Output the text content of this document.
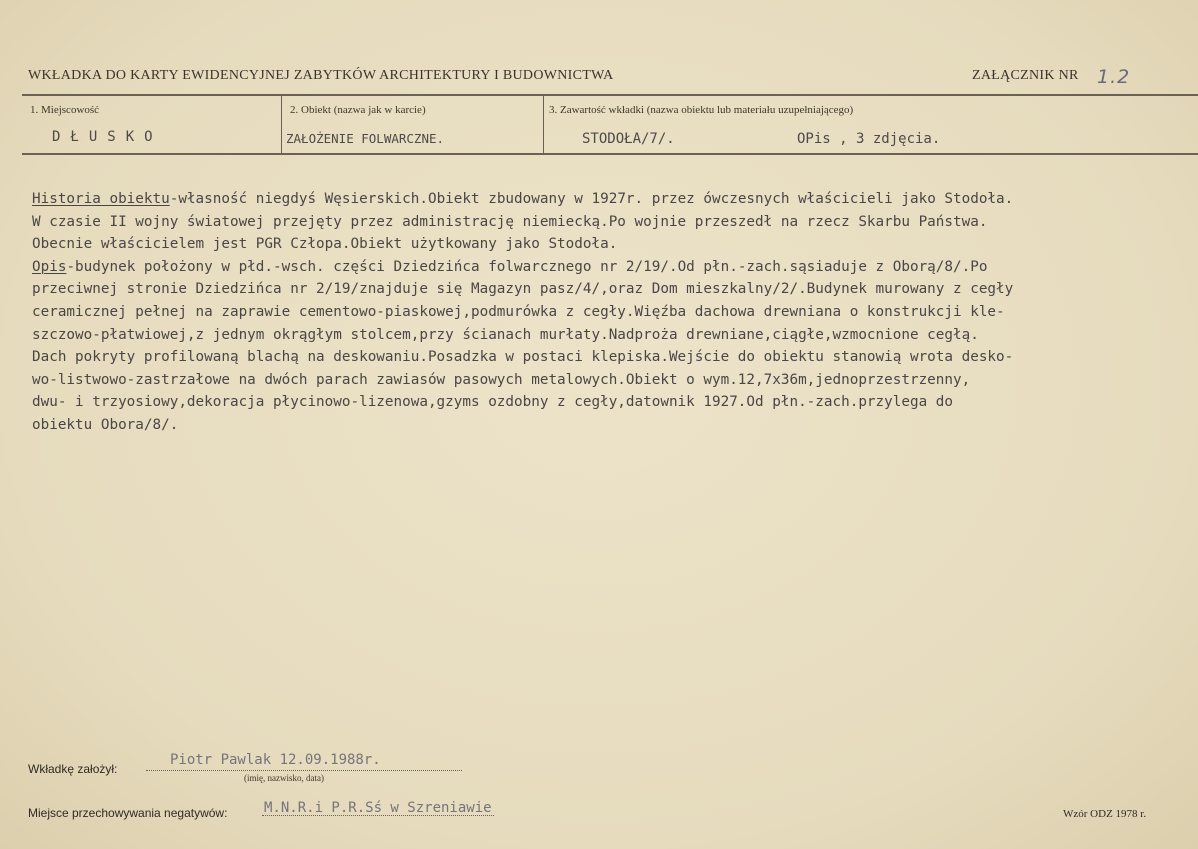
WKŁADKA DO KARTY EWIDENCYJNEJ ZABYTKÓW ARCHITEKTURY I BUDOWNICTWA	ZAŁĄCZNIK NR 1.2
1. Miejscowość	2. Obiekt (nazwa jak w karcie)	3. Zawartość wkładki (nazwa obiektu lub materiału uzupełniającego)
DŁUSKO	ZAŁOŻENIE FOLWARCZNE.	STODOŁA/7/.	OPis , 3 zdjęcia.
Historia obiektu-własność niegdyś Węsierskich.Obiekt zbudowany w 1927r. przez ówczesnych właścicieli jako Stodoła.
W czasie II wojny światowej przejęty przez administrację niemiecką.Po wojnie przeszedł na rzecz Skarbu Państwa.
Obecnie właścicielem jest PGR Człopa.Obiekt użytkowany jako Stodoła.
Opis-budynek położony w płd.-wsch. części Dziedzińca folwarcznego nr 2/19/.Od płn.-zach.sąsiaduje z Oborą/8/.Po
przeciwnej stronie Dziedzińca nr 2/19/znajduje się Magazyn pasz/4/,oraz Dom mieszkalny/2/.Budynek murowany z cegły
ceramicznej pełnej na zaprawie cementowo-piaskowej,podmurówka z cegły.Więźba dachowa drewniana o konstrukcji kle-
szczowo-płatwiowej,z jednym okrągłym stolcem,przy ścianach murłaty.Nadproża drewniane,ciągłe,wzmocnione cegłą.
Dach pokryty profilowaną blachą na deskowaniu.Posadzka w postaci klepiska.Wejście do obiektu stanowią wrota desko-
wo-listwowo-zastrzałowe na dwóch parach zawiasów pasowych metalowych.Obiekt o wym.12,7x36m,jednoprzestrzenny,
dwu- i trzyosiowy,dekoracja płycinowo-lizenowa,gzyms ozdobny z cegły,datownik 1927.Od płn.-zach.przylega do
obiektu Obora/8/.
Wkładkę założył:
Piotr Pawlak 12.09.1988r.
(imię, nazwisko, data)
Miejsce przechowywania negatywów:	M.N.R.i P.R.Sś w Szreniawie	Wzór ODZ 1978 r.
